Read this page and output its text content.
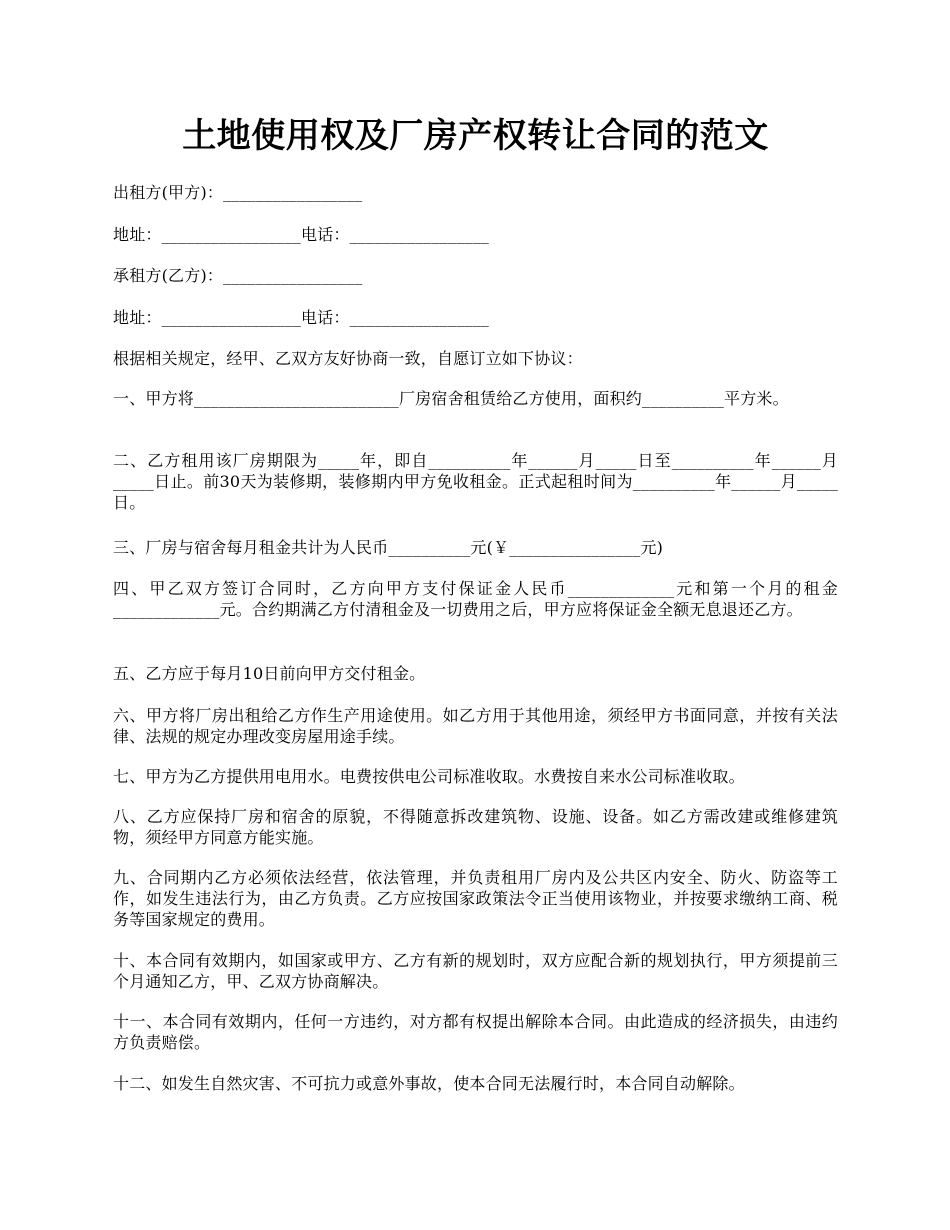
土地使用权及厂房产权转让合同的范文
出租方(甲方)：_________________
地址：_________________电话：_________________
承租方(乙方)：_________________
地址：_________________电话：_________________
根据相关规定，经甲、乙双方友好协商一致，自愿订立如下协议：
一、甲方将_________________________厂房宿舍租赁给乙方使用，面积约__________平方米。
二、乙方租用该厂房期限为_____年，即自__________年______月_____日至__________年______月_____日止。前30天为装修期，装修期内甲方免收租金。正式起租时间为__________年______月_____日。
三、厂房与宿舍每月租金共计为人民币__________元(￥________________元)
四、甲乙双方签订合同时，乙方向甲方支付保证金人民币_____________元和第一个月的租金_____________元。合约期满乙方付清租金及一切费用之后，甲方应将保证金全额无息退还乙方。
五、乙方应于每月10日前向甲方交付租金。
六、甲方将厂房出租给乙方作生产用途使用。如乙方用于其他用途，须经甲方书面同意，并按有关法律、法规的规定办理改变房屋用途手续。
七、甲方为乙方提供用电用水。电费按供电公司标准收取。水费按自来水公司标准收取。
八、乙方应保持厂房和宿舍的原貌，不得随意拆改建筑物、设施、设备。如乙方需改建或维修建筑物，须经甲方同意方能实施。
九、合同期内乙方必须依法经营，依法管理，并负责租用厂房内及公共区内安全、防火、防盗等工作，如发生违法行为，由乙方负责。乙方应按国家政策法令正当使用该物业，并按要求缴纳工商、税务等国家规定的费用。
十、本合同有效期内，如国家或甲方、乙方有新的规划时，双方应配合新的规划执行，甲方须提前三个月通知乙方，甲、乙双方协商解决。
十一、本合同有效期内，任何一方违约，对方都有权提出解除本合同。由此造成的经济损失，由违约方负责赔偿。
十二、如发生自然灾害、不可抗力或意外事故，使本合同无法履行时，本合同自动解除。
